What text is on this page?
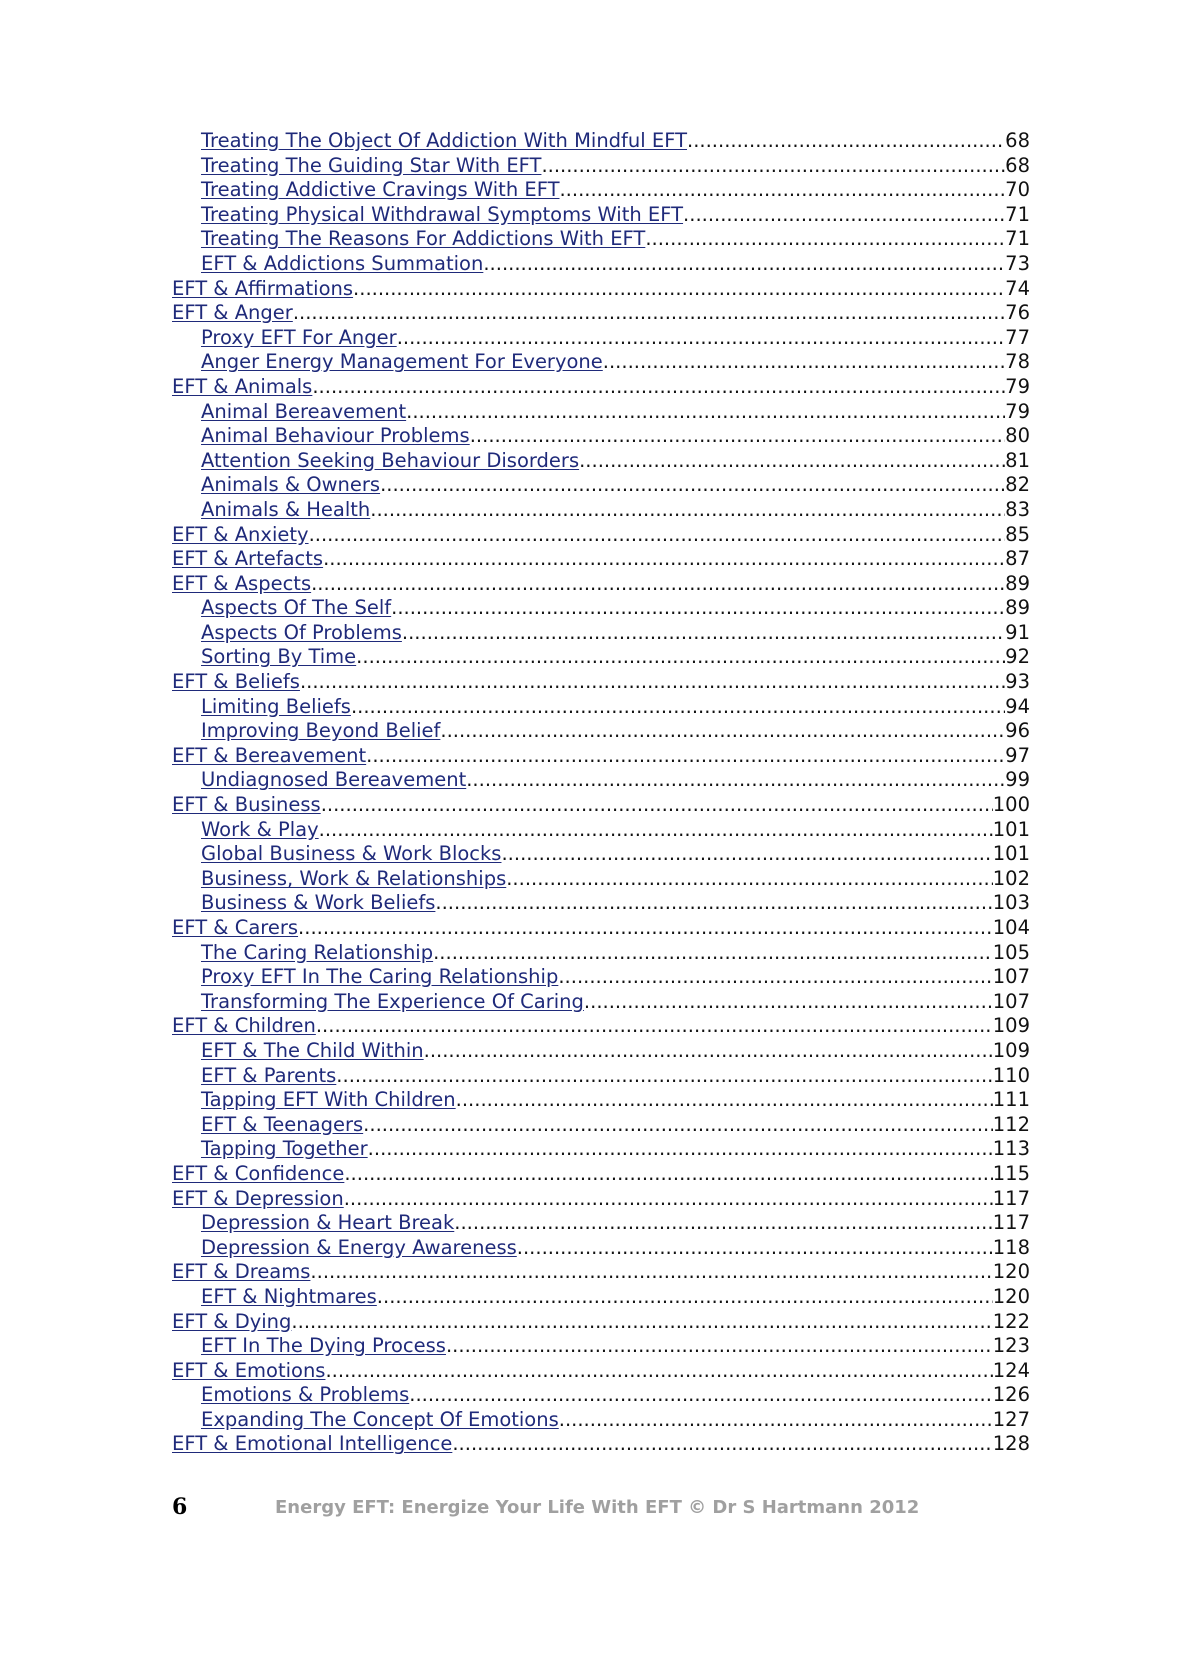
Treating The Object Of Addiction With Mindful EFT .....	68
Treating The Guiding Star With EFT .....	68
Treating Addictive Cravings With EFT .....	70
Treating Physical Withdrawal Symptoms With EFT .....	71
Treating The Reasons For Addictions With EFT .....	71
EFT & Addictions Summation .....	73
EFT & Affirmations .....	74
EFT & Anger .....	76
Proxy EFT For Anger .....	77
Anger Energy Management For Everyone .....	78
EFT & Animals .....	79
Animal Bereavement .....	79
Animal Behaviour Problems .....	80
Attention Seeking Behaviour Disorders .....	81
Animals & Owners .....	82
Animals & Health .....	83
EFT & Anxiety .....	85
EFT & Artefacts .....	87
EFT & Aspects .....	89
Aspects Of The Self .....	89
Aspects Of Problems .....	91
Sorting By Time .....	92
EFT & Beliefs .....	93
Limiting Beliefs .....	94
Improving Beyond Belief .....	96
EFT & Bereavement .....	97
Undiagnosed Bereavement .....	99
EFT & Business .....	100
Work & Play .....	101
Global Business & Work Blocks .....	101
Business, Work & Relationships .....	102
Business & Work Beliefs .....	103
EFT & Carers .....	104
The Caring Relationship .....	105
Proxy EFT In The Caring Relationship .....	107
Transforming The Experience Of Caring .....	107
EFT & Children .....	109
EFT & The Child Within .....	109
EFT & Parents .....	110
Tapping EFT With Children .....	111
EFT & Teenagers .....	112
Tapping Together .....	113
EFT & Confidence .....	115
EFT & Depression .....	117
Depression & Heart Break .....	117
Depression & Energy Awareness .....	118
EFT & Dreams .....	120
EFT & Nightmares .....	120
EFT & Dying .....	122
EFT In The Dying Process .....	123
EFT & Emotions .....	124
Emotions & Problems .....	126
Expanding The Concept Of Emotions .....	127
EFT & Emotional Intelligence .....	128
6	Energy EFT: Energize Your Life With EFT © Dr S Hartmann 2012
